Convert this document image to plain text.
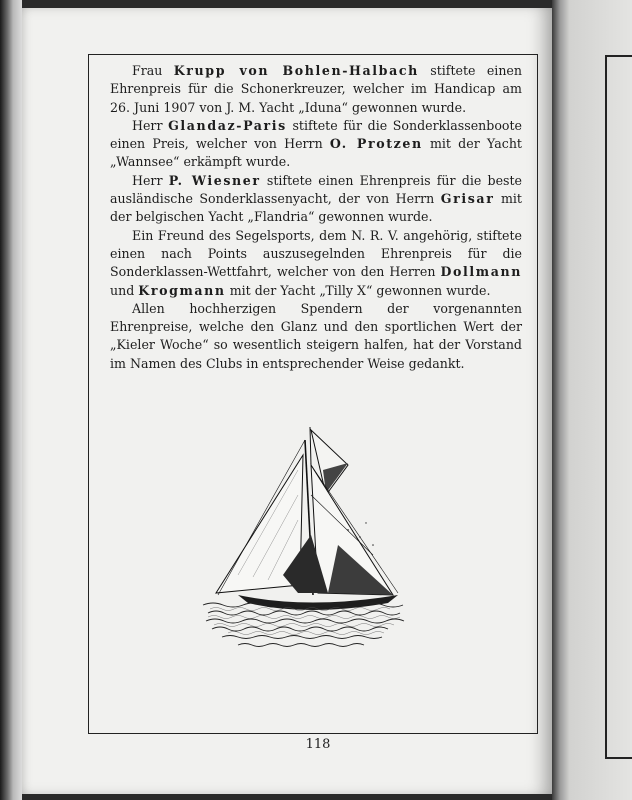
Frau Krupp von Bohlen-Halbach stiftete einen Ehrenpreis für die Schonerkreuzer, welcher im Handicap am 26. Juni 1907 von J. M. Yacht „Iduna“ gewonnen wurde.

Herr Glandaz-Paris stiftete für die Sonderklassenboote einen Preis, welcher von Herrn O. Protzen mit der Yacht „Wannsee“ erkämpft wurde.

Herr P. Wiesner stiftete einen Ehrenpreis für die beste ausländische Sonderklassenyacht, der von Herrn Grisar mit der belgischen Yacht „Flandria“ gewonnen wurde.

Ein Freund des Segelsports, dem N. R. V. angehörig, stiftete einen nach Points auszusegelnden Ehrenpreis für die Sonderklassen-Wettfahrt, welcher von den Herren Dollmann und Krogmann mit der Yacht „Tilly X“ gewonnen wurde.

Allen hochherzigen Spendern der vorgenannten Ehrenpreise, welche den Glanz und den sportlichen Wert der „Kieler Woche“ so wesentlich steigern halfen, hat der Vorstand im Namen des Clubs in entsprechender Weise gedankt.

118
